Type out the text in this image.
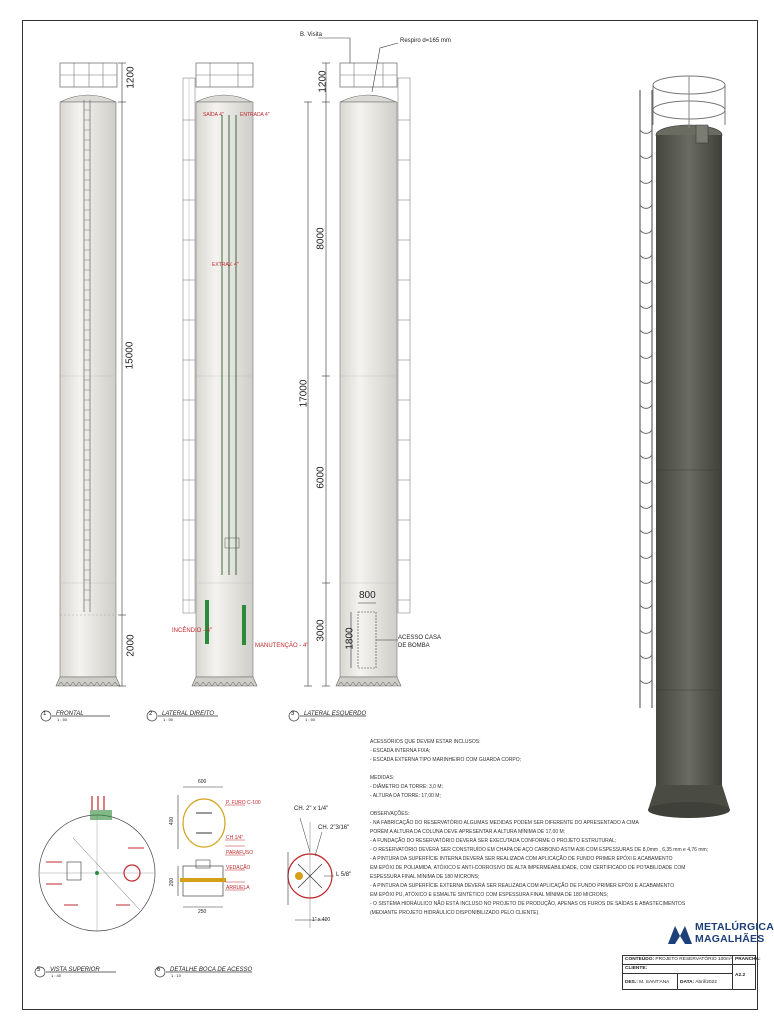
SAÍDA 4"	ENTRADA 4"
EXTRAV. 4"
P. FURO C-100
CH 1/4"
PARAFUSO
VEDAÇÃO
ARRUELA
1200
15000
2000
1200
8000
17000
6000
3000
800
1800
B. Visita
Respiro d=165 mm
ACESSO CASA DE BOMBA
INCÊNDIO - 4"
MANUTENÇÃO - 4"
CH. 2" x 1/4"
CH. 2"3/16"
L 5/8"
1" x 400
600
400
200
250
1 FRONTAL
1 : 50
2 LATERAL DIREITO
1 : 50
3 LATERAL ESQUERDO
1 : 50
5 VISTA SUPERIOR
1 : 40
6 DETALHE BOCA DE ACESSO
1 : 10
ACESSÓRIOS QUE DEVEM ESTAR INCLUSOS:
- ESCADA INTERNA FIXA;
- ESCADA EXTERNA TIPO MARINHEIRO COM GUARDA CORPO;
MEDIDAS:
- DIÂMETRO DA TORRE: 3,0 M;
- ALTURA DA TORRE: 17,00 M;
OBSERVAÇÕES:
- NA FABRICAÇÃO DO RESERVATÓRIO ALGUMAS MEDIDAS PODEM SER DIFERENTE DO APRESENTADO A CIMA
PORÉM A ALTURA DA COLUNA DEVE APRESENTAR A ALTURA MÍNIMA DE 17,00 M;
- A FUNDAÇÃO DO RESERVATÓRIO DEVERÁ SER EXECUTADA CONFORME O PROJETO ESTRUTURAL;
- O RESERVATÓRIO DEVERÁ SER CONSTRUÍDO EM CHAPA DE AÇO CARBONO ASTM A36 COM ESPESSURAS DE 8,0mm , 6,35 mm e 4,76 mm;
- A PINTURA DA SUPERFÍCIE INTERNA DEVERÁ SER REALIZADA COM APLICAÇÃO DE FUNDO PRIMER EPÓXI E ACABAMENTO
EM EPÓXI DE POLIAMIDA, ATÓXICO E ANTI-CORROSIVO DE ALTA IMPERMEABILIDADE, COM CERTIFICADO DE POTABILIDADE COM
ESPESSURA FINAL MÍNIMA DE 180 MICRONS;
- A PINTURA DA SUPERFÍCIE EXTERNA DEVERÁ SER REALIZADA COM APLICAÇÃO DE FUNDO PRIMER EPÓXI E ACABAMENTO
EM EPÓXI PU, ATÓXICO E ESMALTE SINTÉTICO COM ESPESSURA FINAL MÍNIMA DE 180 MICRONS;
- O SISTEMA HIDRÁULICO NÃO ESTÁ INCLUSO NO PROJETO DE PRODUÇÃO, APENAS OS FUROS DE SAÍDAS E ABASTECIMENTOS
(MEDIANTE PROJETO HIDRÁULICO DISPONIBILIZADO PELO CLIENTE).
METALÚRGICA
MAGALHÃES
CONTEÚDO: PROJETO RESERVATÓRIO 100m³ PRANCHA:
CLIENTE:
A2.2
DES.: M. SANT'ANA	DATA: Abril/2022
